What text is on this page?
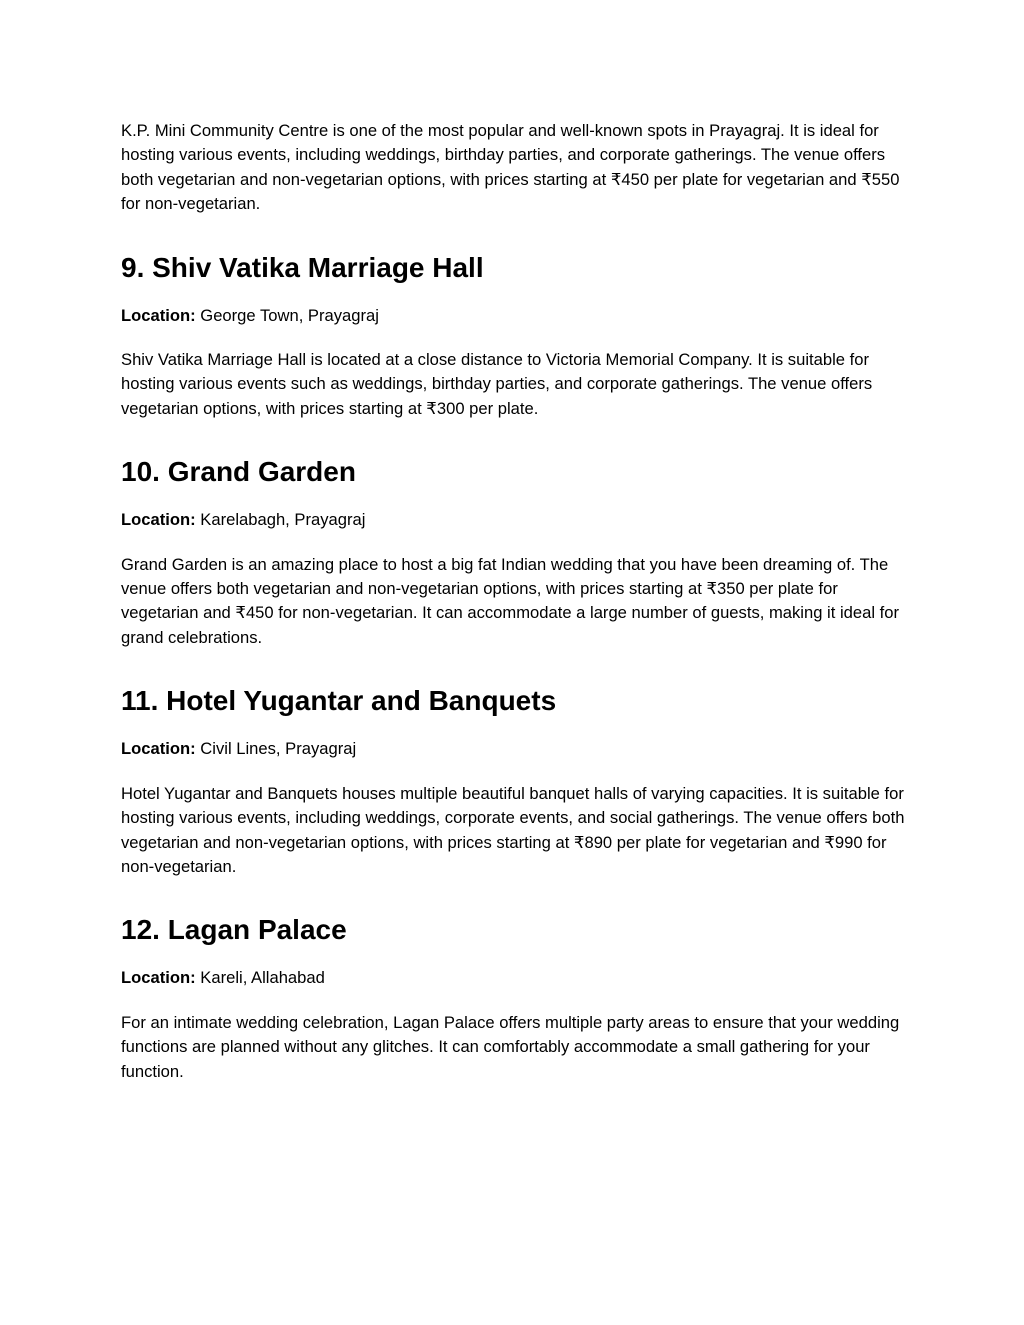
K.P. Mini Community Centre is one of the most popular and well-known spots in Prayagraj. It is ideal for hosting various events, including weddings, birthday parties, and corporate gatherings. The venue offers both vegetarian and non-vegetarian options, with prices starting at ₹450 per plate for vegetarian and ₹550 for non-vegetarian.

9. Shiv Vatika Marriage Hall

Location: George Town, Prayagraj

Shiv Vatika Marriage Hall is located at a close distance to Victoria Memorial Company. It is suitable for hosting various events such as weddings, birthday parties, and corporate gatherings. The venue offers vegetarian options, with prices starting at ₹300 per plate.

10. Grand Garden

Location: Karelabagh, Prayagraj

Grand Garden is an amazing place to host a big fat Indian wedding that you have been dreaming of. The venue offers both vegetarian and non-vegetarian options, with prices starting at ₹350 per plate for vegetarian and ₹450 for non-vegetarian. It can accommodate a large number of guests, making it ideal for grand celebrations.

11. Hotel Yugantar and Banquets

Location: Civil Lines, Prayagraj

Hotel Yugantar and Banquets houses multiple beautiful banquet halls of varying capacities. It is suitable for hosting various events, including weddings, corporate events, and social gatherings. The venue offers both vegetarian and non-vegetarian options, with prices starting at ₹890 per plate for vegetarian and ₹990 for non-vegetarian.

12. Lagan Palace

Location: Kareli, Allahabad

For an intimate wedding celebration, Lagan Palace offers multiple party areas to ensure that your wedding functions are planned without any glitches. It can comfortably accommodate a small gathering for your function.
